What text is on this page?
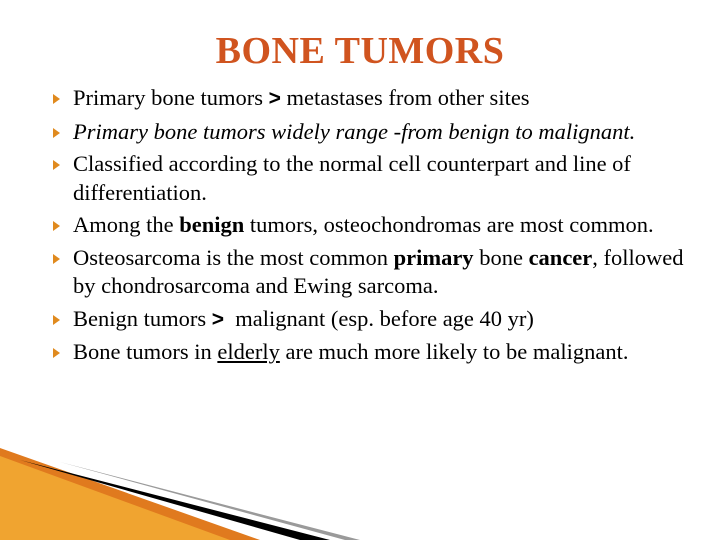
BONE TUMORS
Primary bone tumors > metastases from other sites
Primary bone tumors widely range -from benign to malignant.
Classified according to the normal cell counterpart and line of differentiation.
Among the benign tumors, osteochondromas are most common.
Osteosarcoma is the most common primary bone cancer, followed by chondrosarcoma and Ewing sarcoma.
Benign tumors >  malignant (esp. before age 40 yr)
Bone tumors in elderly are much more likely to be malignant.
